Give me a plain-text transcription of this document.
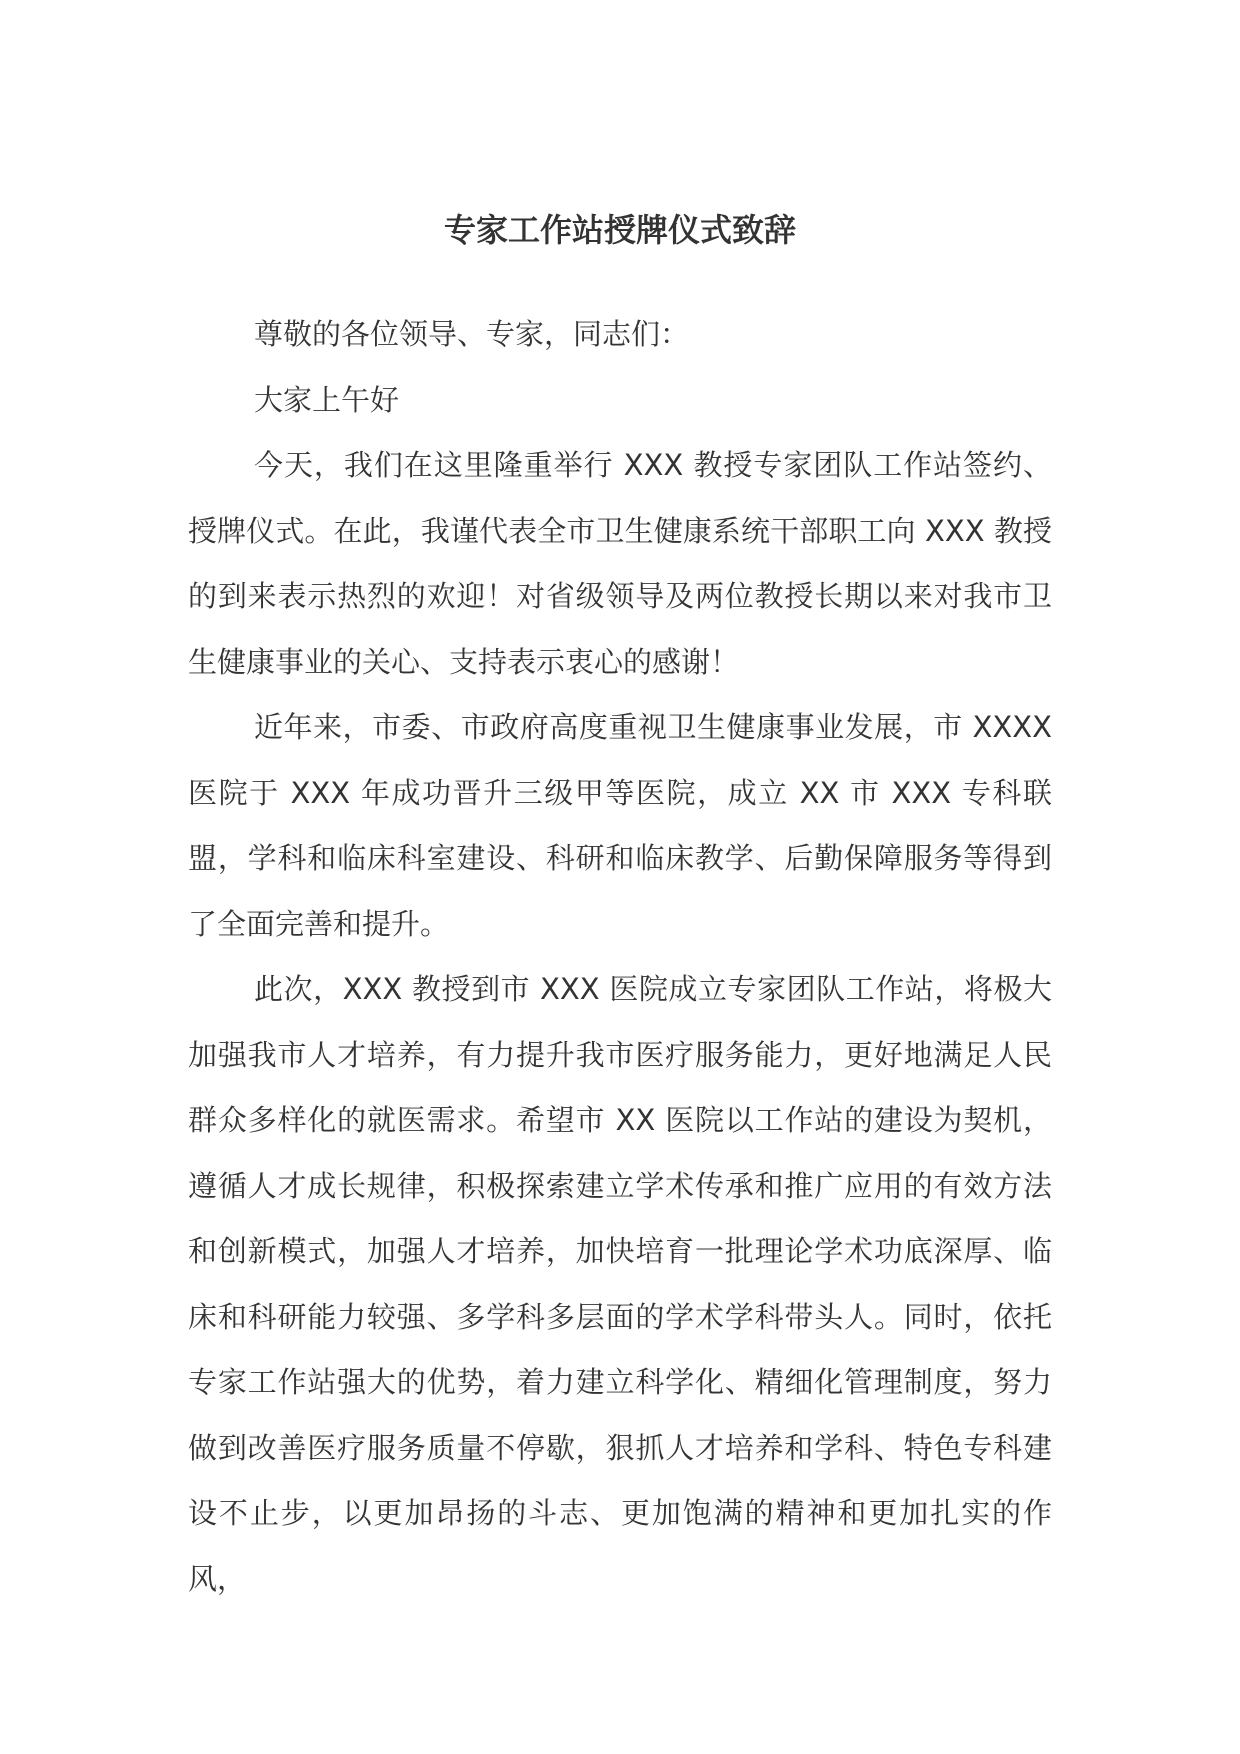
专家工作站授牌仪式致辞

尊敬的各位领导、专家，同志们：

大家上午好

今天，我们在这里隆重举行 XXX 教授专家团队工作站签约、授牌仪式。在此，我谨代表全市卫生健康系统干部职工向 XXX 教授的到来表示热烈的欢迎！对省级领导及两位教授长期以来对我市卫生健康事业的关心、支持表示衷心的感谢！

近年来，市委、市政府高度重视卫生健康事业发展，市 XXXX 医院于 XXX 年成功晋升三级甲等医院，成立 XX 市 XXX 专科联盟，学科和临床科室建设、科研和临床教学、后勤保障服务等得到了全面完善和提升。

此次，XXX 教授到市 XXX 医院成立专家团队工作站，将极大加强我市人才培养，有力提升我市医疗服务能力，更好地满足人民群众多样化的就医需求。希望市 XX 医院以工作站的建设为契机，遵循人才成长规律，积极探索建立学术传承和推广应用的有效方法和创新模式，加强人才培养，加快培育一批理论学术功底深厚、临床和科研能力较强、多学科多层面的学术学科带头人。同时，依托专家工作站强大的优势，着力建立科学化、精细化管理制度，努力做到改善医疗服务质量不停歇，狠抓人才培养和学科、特色专科建设不止步，以更加昂扬的斗志、更加饱满的精神和更加扎实的作风，
